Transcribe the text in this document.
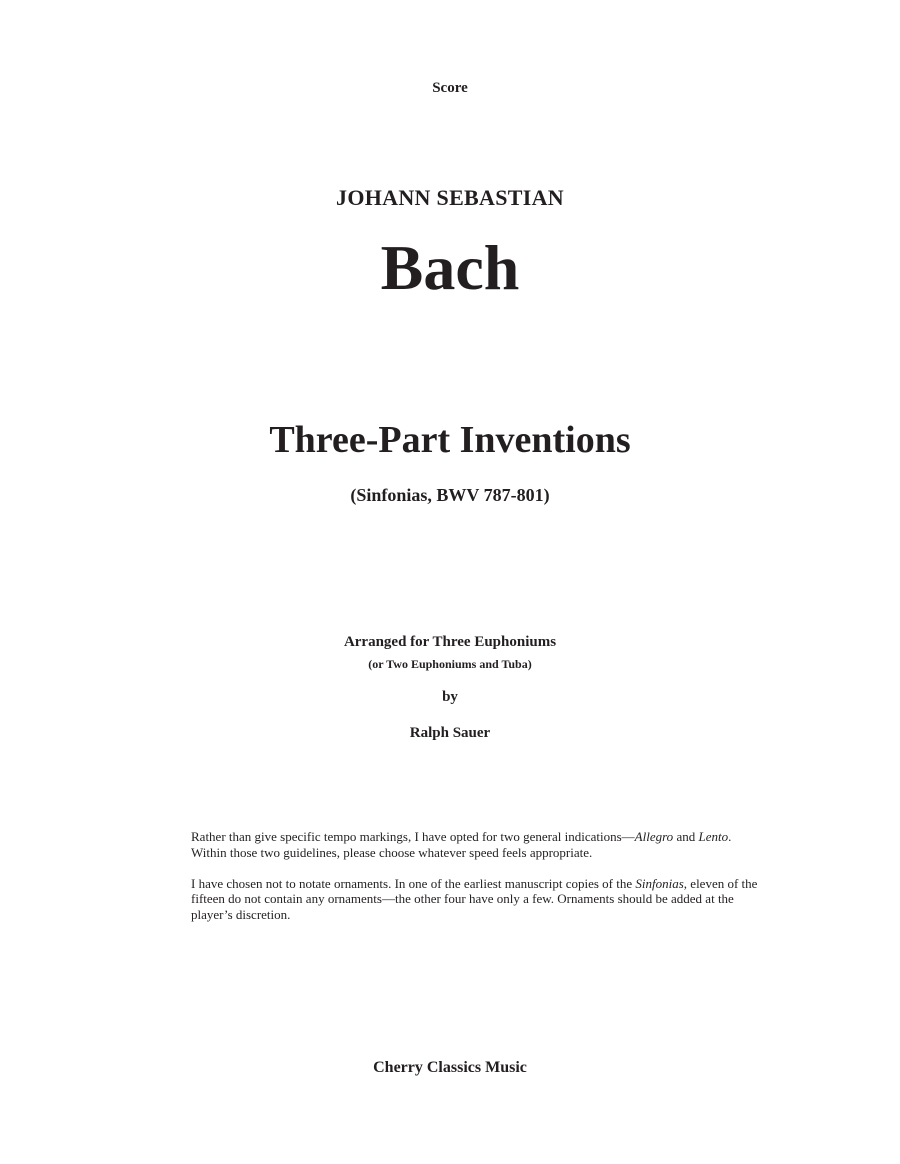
Score
JOHANN SEBASTIAN
Bach
Three-Part Inventions
(Sinfonias, BWV 787-801)
Arranged for Three Euphoniums
(or Two Euphoniums and Tuba)
by
Ralph Sauer

Rather than give specific tempo markings, I have opted for two general indications—Allegro and Lento. Within those two guidelines, please choose whatever speed feels appropriate.

I have chosen not to notate ornaments. In one of the earliest manuscript copies of the Sinfonias, eleven of the fifteen do not contain any ornaments—the other four have only a few. Ornaments should be added at the player’s discretion.

Cherry Classics Music
